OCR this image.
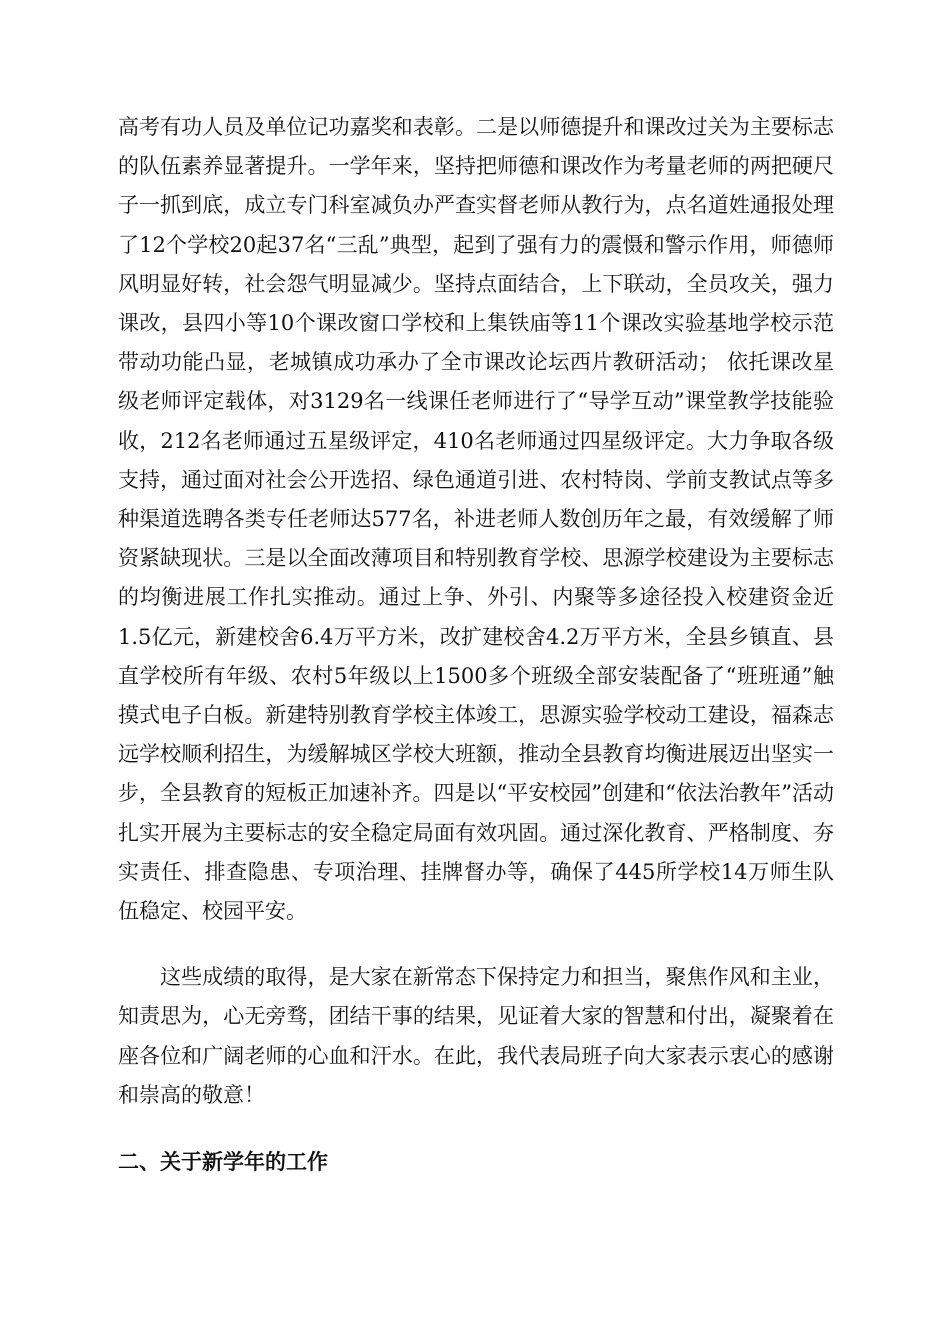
高考有功人员及单位记功嘉奖和表彰。二是以师德提升和课改过关为主要标志的队伍素养显著提升。一学年来，坚持把师德和课改作为考量老师的两把硬尺子一抓到底，成立专门科室减负办严查实督老师从教行为，点名道姓通报处理了12个学校20起37名“三乱”典型，起到了强有力的震慑和警示作用，师德师风明显好转，社会怨气明显减少。坚持点面结合，上下联动，全员攻关，强力课改，县四小等10个课改窗口学校和上集铁庙等11个课改实验基地学校示范带动功能凸显，老城镇成功承办了全市课改论坛西片教研活动； 依托课改星级老师评定载体，对3129名一线课任老师进行了“导学互动”课堂教学技能验收，212名老师通过五星级评定，410名老师通过四星级评定。大力争取各级支持，通过面对社会公开选招、绿色通道引进、农村特岗、学前支教试点等多种渠道选聘各类专任老师达577名，补进老师人数创历年之最，有效缓解了师资紧缺现状。三是以全面改薄项目和特别教育学校、思源学校建设为主要标志的均衡进展工作扎实推动。通过上争、外引、内聚等多途径投入校建资金近1.5亿元，新建校舍6.4万平方米，改扩建校舍4.2万平方米，全县乡镇直、县直学校所有年级、农村5年级以上1500多个班级全部安装配备了“班班通”触摸式电子白板。新建特别教育学校主体竣工，思源实验学校动工建设，福森志远学校顺利招生，为缓解城区学校大班额，推动全县教育均衡进展迈出坚实一步，全县教育的短板正加速补齐。四是以“平安校园”创建和“依法治教年”活动扎实开展为主要标志的安全稳定局面有效巩固。通过深化教育、严格制度、夯实责任、排查隐患、专项治理、挂牌督办等，确保了445所学校14万师生队伍稳定、校园平安。

这些成绩的取得，是大家在新常态下保持定力和担当，聚焦作风和主业，知责思为，心无旁骛，团结干事的结果，见证着大家的智慧和付出，凝聚着在座各位和广阔老师的心血和汗水。在此，我代表局班子向大家表示衷心的感谢和崇高的敬意！

二、关于新学年的工作
